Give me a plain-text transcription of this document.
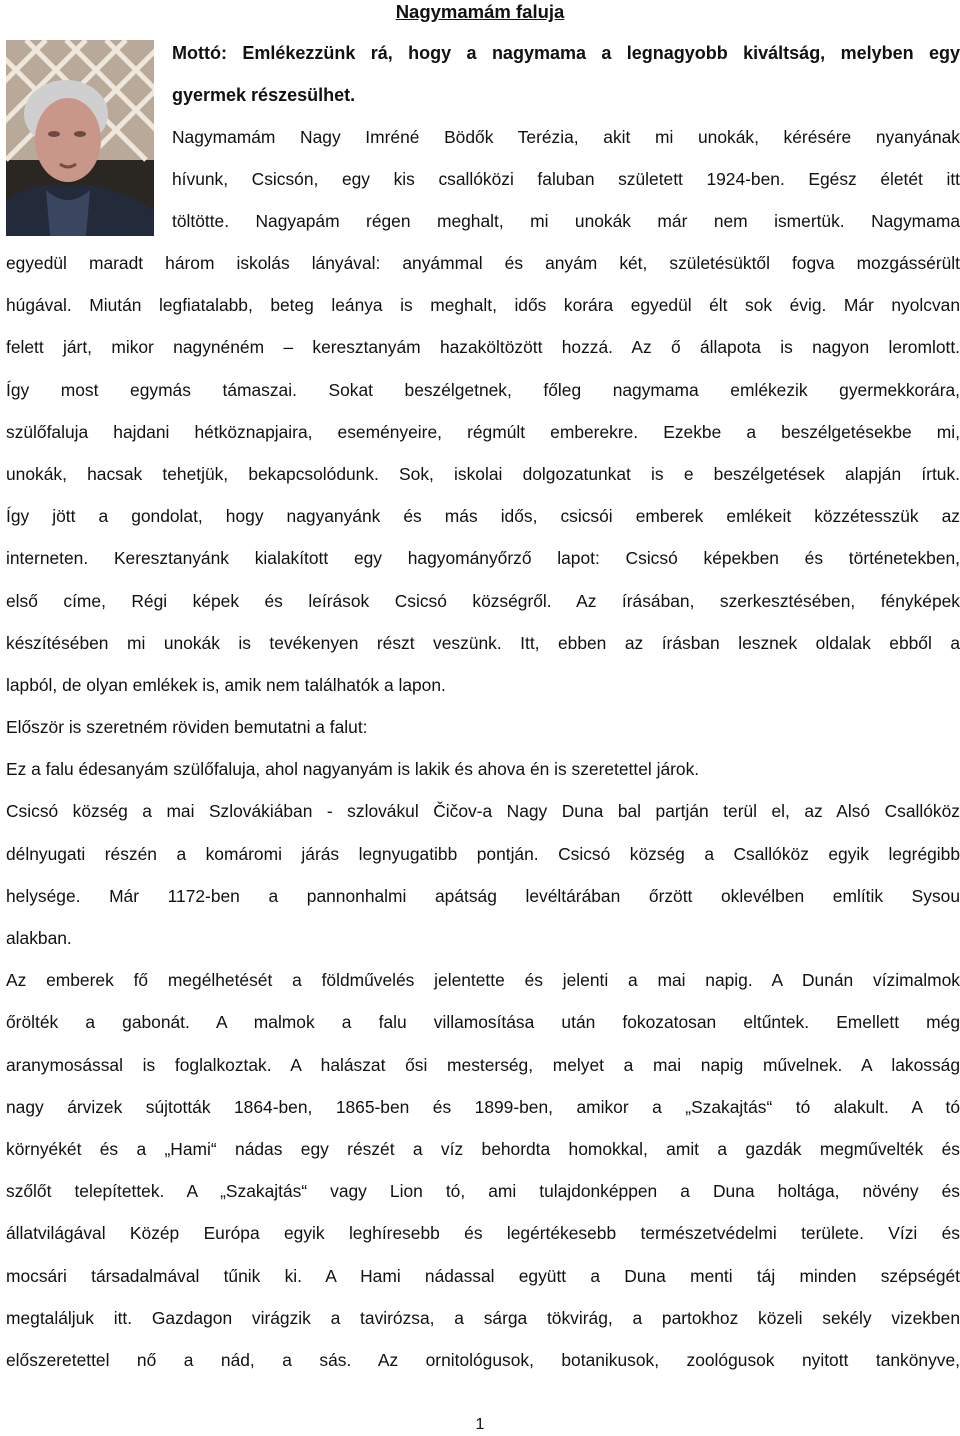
Nagymamám faluja
Mottó: Emlékezzünk rá, hogy a nagymama a legnagyobb kiváltság, melyben egy
gyermek részesülhet.
Nagymamám Nagy Imréné Bödők Terézia, akit mi unokák, kérésére nyanyának
hívunk, Csicsón, egy kis csallóközi faluban született 1924-ben. Egész életét itt
töltötte. Nagyapám régen meghalt, mi unokák már nem ismertük. Nagymama
egyedül maradt három iskolás lányával: anyámmal és anyám két, születésüktől fogva mozgássérült
húgával. Miután legfiatalabb, beteg leánya is meghalt, idős korára egyedül élt sok évig. Már nyolcvan
felett járt, mikor nagynéném – keresztanyám hazaköltözött hozzá. Az ő állapota is nagyon leromlott.
Így most egymás támaszai. Sokat beszélgetnek, főleg nagymama emlékezik gyermekkorára,
szülőfaluja hajdani hétköznapjaira, eseményeire, régmúlt emberekre. Ezekbe a beszélgetésekbe mi,
unokák, hacsak tehetjük, bekapcsolódunk. Sok, iskolai dolgozatunkat is e beszélgetések alapján írtuk.
Így jött a gondolat, hogy nagyanyánk és más idős, csicsói emberek emlékeit közzétesszük az
interneten. Keresztanyánk kialakított egy hagyományőrző lapot: Csicsó képekben és történetekben,
első címe, Régi képek és leírások Csicsó községről. Az írásában, szerkesztésében, fényképek
készítésében mi unokák is tevékenyen részt veszünk. Itt, ebben az írásban lesznek oldalak ebből a
lapból, de olyan emlékek is, amik nem találhatók a lapon.
Először is szeretném röviden bemutatni a falut:
Ez a falu édesanyám szülőfaluja, ahol nagyanyám is lakik és ahova én is szeretettel járok.
Csicsó község a mai Szlovákiában - szlovákul Čičov-a Nagy Duna bal partján terül el, az Alsó Csallóköz
délnyugati részén a komáromi járás legnyugatibb pontján. Csicsó község a Csallóköz egyik legrégibb
helysége. Már 1172-ben a pannonhalmi apátság levéltárában őrzött oklevélben említik Sysou
alakban.
Az emberek fő megélhetését a földművelés jelentette és jelenti a mai napig. A Dunán vízimalmok
őrölték a gabonát. A malmok a falu villamosítása után fokozatosan eltűntek. Emellett még
aranymosással is foglalkoztak. A halászat ősi mesterség, melyet a mai napig művelnek. A lakosság
nagy árvizek sújtották 1864-ben, 1865-ben és 1899-ben, amikor a „Szakajtás“ tó alakult. A tó
környékét és a „Hami“ nádas egy részét a víz behordta homokkal, amit a gazdák megművelték és
szőlőt telepítettek. A „Szakajtás“ vagy Lion tó, ami tulajdonképpen a Duna holtága, növény és
állatvilágával Közép Európa egyik leghíresebb és legértékesebb természetvédelmi területe. Vízi és
mocsári társadalmával tűnik ki. A Hami nádassal együtt a Duna menti táj minden szépségét
megtaláljuk itt. Gazdagon virágzik a tavirózsa, a sárga tökvirág, a partokhoz közeli sekély vizekben
előszeretettel nő a nád, a sás. Az ornitológusok, botanikusok, zoológusok nyitott tankönyve,
1
